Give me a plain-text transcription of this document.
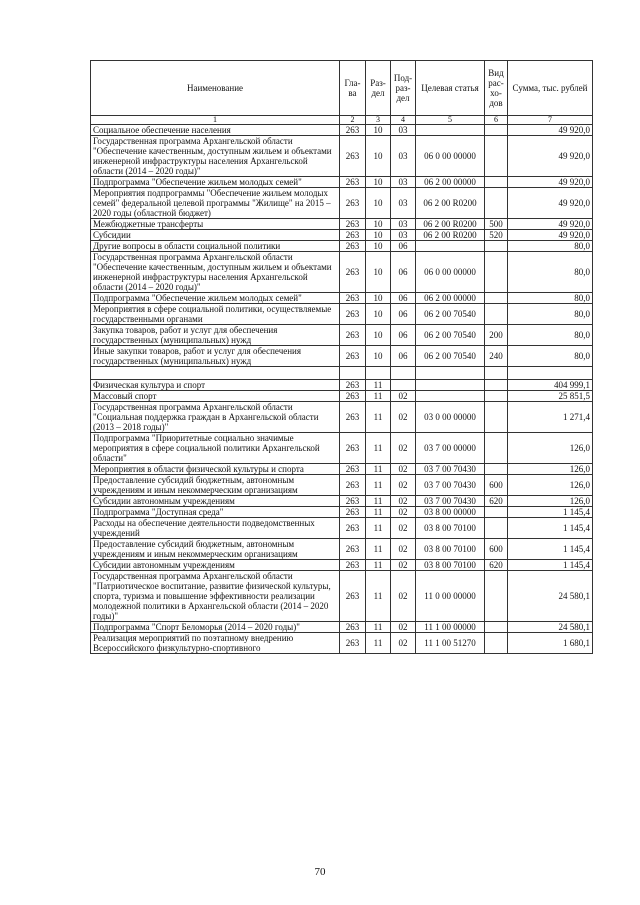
Наименование	Гла-ва	Раз-дел	Под-раз-дел	Целевая статья	Вид рас-хо-дов	Сумма, тыс. рублей
1	2	3	4	5	6	7
Социальное обеспечение населения	263	10	03			49 920,0
Государственная программа Архангельской области "Обеспечение качественным, доступным жильем и объектами инженерной инфраструктуры населения Архангельской области (2014 – 2020 годы)"	263	10	03	06 0 00 00000		49 920,0
Подпрограмма "Обеспечение жильем молодых семей"	263	10	03	06 2 00 00000		49 920,0
Мероприятия подпрограммы "Обеспечение жильем молодых семей" федеральной целевой программы "Жилище" на 2015 – 2020 годы (областной бюджет)	263	10	03	06 2 00 R0200		49 920,0
Межбюджетные трансферты	263	10	03	06 2 00 R0200	500	49 920,0
Субсидии	263	10	03	06 2 00 R0200	520	49 920,0
Другие вопросы в области социальной политики	263	10	06			80,0
Государственная программа Архангельской области "Обеспечение качественным, доступным жильем и объектами инженерной инфраструктуры населения Архангельской области (2014 – 2020 годы)"	263	10	06	06 0 00 00000		80,0
Подпрограмма "Обеспечение жильем молодых семей"	263	10	06	06 2 00 00000		80,0
Мероприятия в сфере социальной политики, осуществляемые государственными органами	263	10	06	06 2 00 70540		80,0
Закупка товаров, работ и услуг для обеспечения государственных (муниципальных) нужд	263	10	06	06 2 00 70540	200	80,0
Иные закупки товаров, работ и услуг для обеспечения государственных (муниципальных) нужд	263	10	06	06 2 00 70540	240	80,0

Физическая культура и спорт	263	11				404 999,1
Массовый спорт	263	11	02			25 851,5
Государственная программа Архангельской области "Социальная поддержка граждан в Архангельской области (2013 – 2018 годы)"	263	11	02	03 0 00 00000		1 271,4
Подпрограмма "Приоритетные социально значимые мероприятия в сфере социальной политики Архангельской области"	263	11	02	03 7 00 00000		126,0
Мероприятия в области физической культуры и спорта	263	11	02	03 7 00 70430		126,0
Предоставление субсидий бюджетным, автономным учреждениям и иным некоммерческим организациям	263	11	02	03 7 00 70430	600	126,0
Субсидии автономным учреждениям	263	11	02	03 7 00 70430	620	126,0
Подпрограмма "Доступная среда"	263	11	02	03 8 00 00000		1 145,4
Расходы на обеспечение деятельности подведомственных учреждений	263	11	02	03 8 00 70100		1 145,4
Предоставление субсидий бюджетным, автономным учреждениям и иным некоммерческим организациям	263	11	02	03 8 00 70100	600	1 145,4
Субсидии автономным учреждениям	263	11	02	03 8 00 70100	620	1 145,4
Государственная программа Архангельской области "Патриотическое воспитание, развитие физической культуры, спорта, туризма и повышение эффективности реализации молодежной политики в Архангельской области (2014 – 2020 годы)"	263	11	02	11 0 00 00000		24 580,1
Подпрограмма "Спорт Беломорья (2014 – 2020 годы)"	263	11	02	11 1 00 00000		24 580,1
Реализация мероприятий по поэтапному внедрению Всероссийского физкультурно-спортивного	263	11	02	11 1 00 51270		1 680,1
70
